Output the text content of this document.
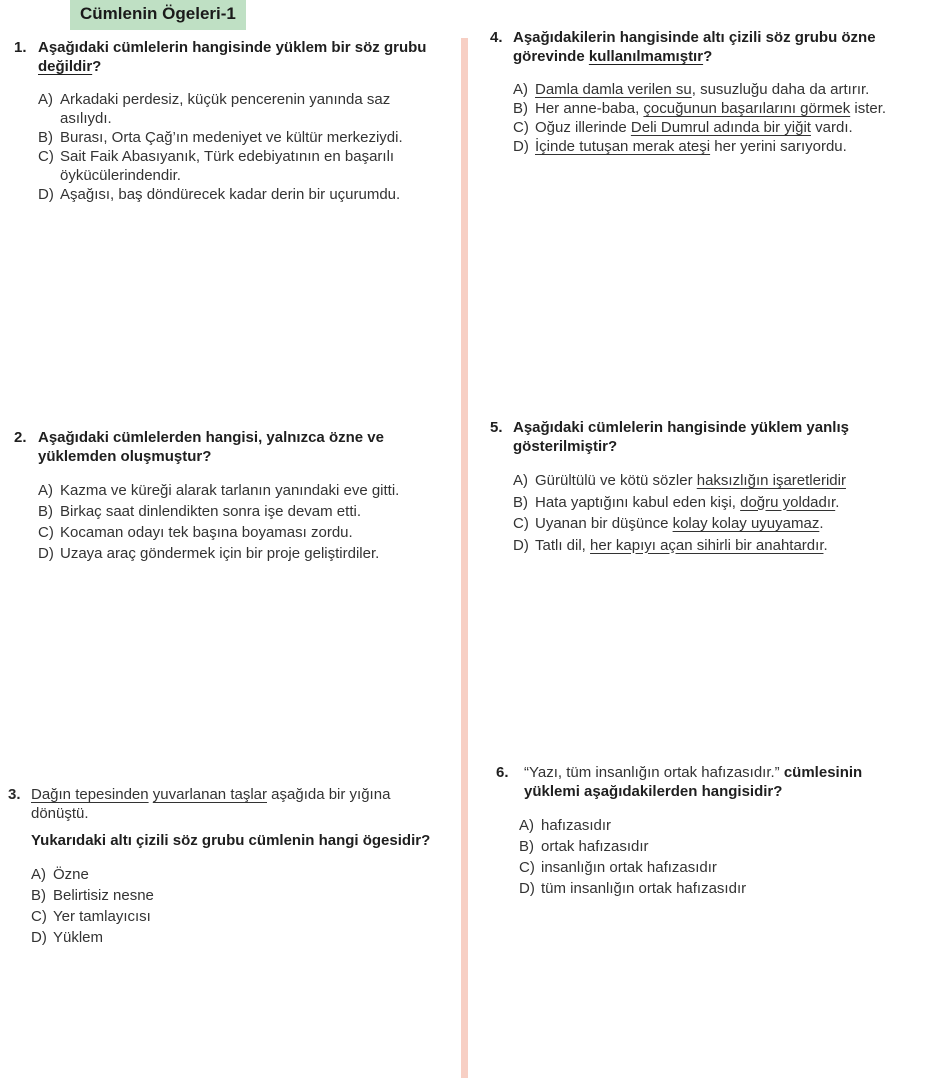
Cümlenin Ögeleri-1
1. Aşağıdaki cümlelerin hangisinde yüklem bir söz grubu değildir?
A) Arkadaki perdesiz, küçük pencerenin yanında saz asılıydı.
B) Burası, Orta Çağ’ın medeniyet ve kültür merkeziydi.
C) Sait Faik Abasıyanık, Türk edebiyatının en başarılı öykücülerindendir.
D) Aşağısı, baş döndürecek kadar derin bir uçurumdu.
2. Aşağıdaki cümlelerden hangisi, yalnızca özne ve yüklemden oluşmuştur?
A) Kazma ve küreği alarak tarlanın yanındaki eve gitti.
B) Birkaç saat dinlendikten sonra işe devam etti.
C) Kocaman odayı tek başına boyaması zordu.
D) Uzaya araç göndermek için bir proje geliştirdiler.
3. Dağın tepesinden yuvarlanan taşlar aşağıda bir yığına dönüştü.
Yukarıdaki altı çizili söz grubu cümlenin hangi ögesidir?
A) Özne
B) Belirtisiz nesne
C) Yer tamlayıcısı
D) Yüklem
4. Aşağıdakilerin hangisinde altı çizili söz grubu özne görevinde kullanılmamıştır?
A) Damla damla verilen su, susuzluğu daha da artırır.
B) Her anne-baba, çocuğunun başarılarını görmek ister.
C) Oğuz illerinde Deli Dumrul adında bir yiğit vardı.
D) İçinde tutuşan merak ateşi her yerini sarıyordu.
5. Aşağıdaki cümlelerin hangisinde yüklem yanlış gösterilmiştir?
A) Gürültülü ve kötü sözler haksızlığın işaretleridir
B) Hata yaptığını kabul eden kişi, doğru yoldadır.
C) Uyanan bir düşünce kolay kolay uyuyamaz.
D) Tatlı dil, her kapıyı açan sihirli bir anahtardır.
6.	“Yazı, tüm insanlığın ortak hafızasıdır.” cümlesinin yüklemi aşağıdakilerden hangisidir?
A) hafızasıdır
B) ortak hafızasıdır
C) insanlığın ortak hafızasıdır
D) tüm insanlığın ortak hafızasıdır
